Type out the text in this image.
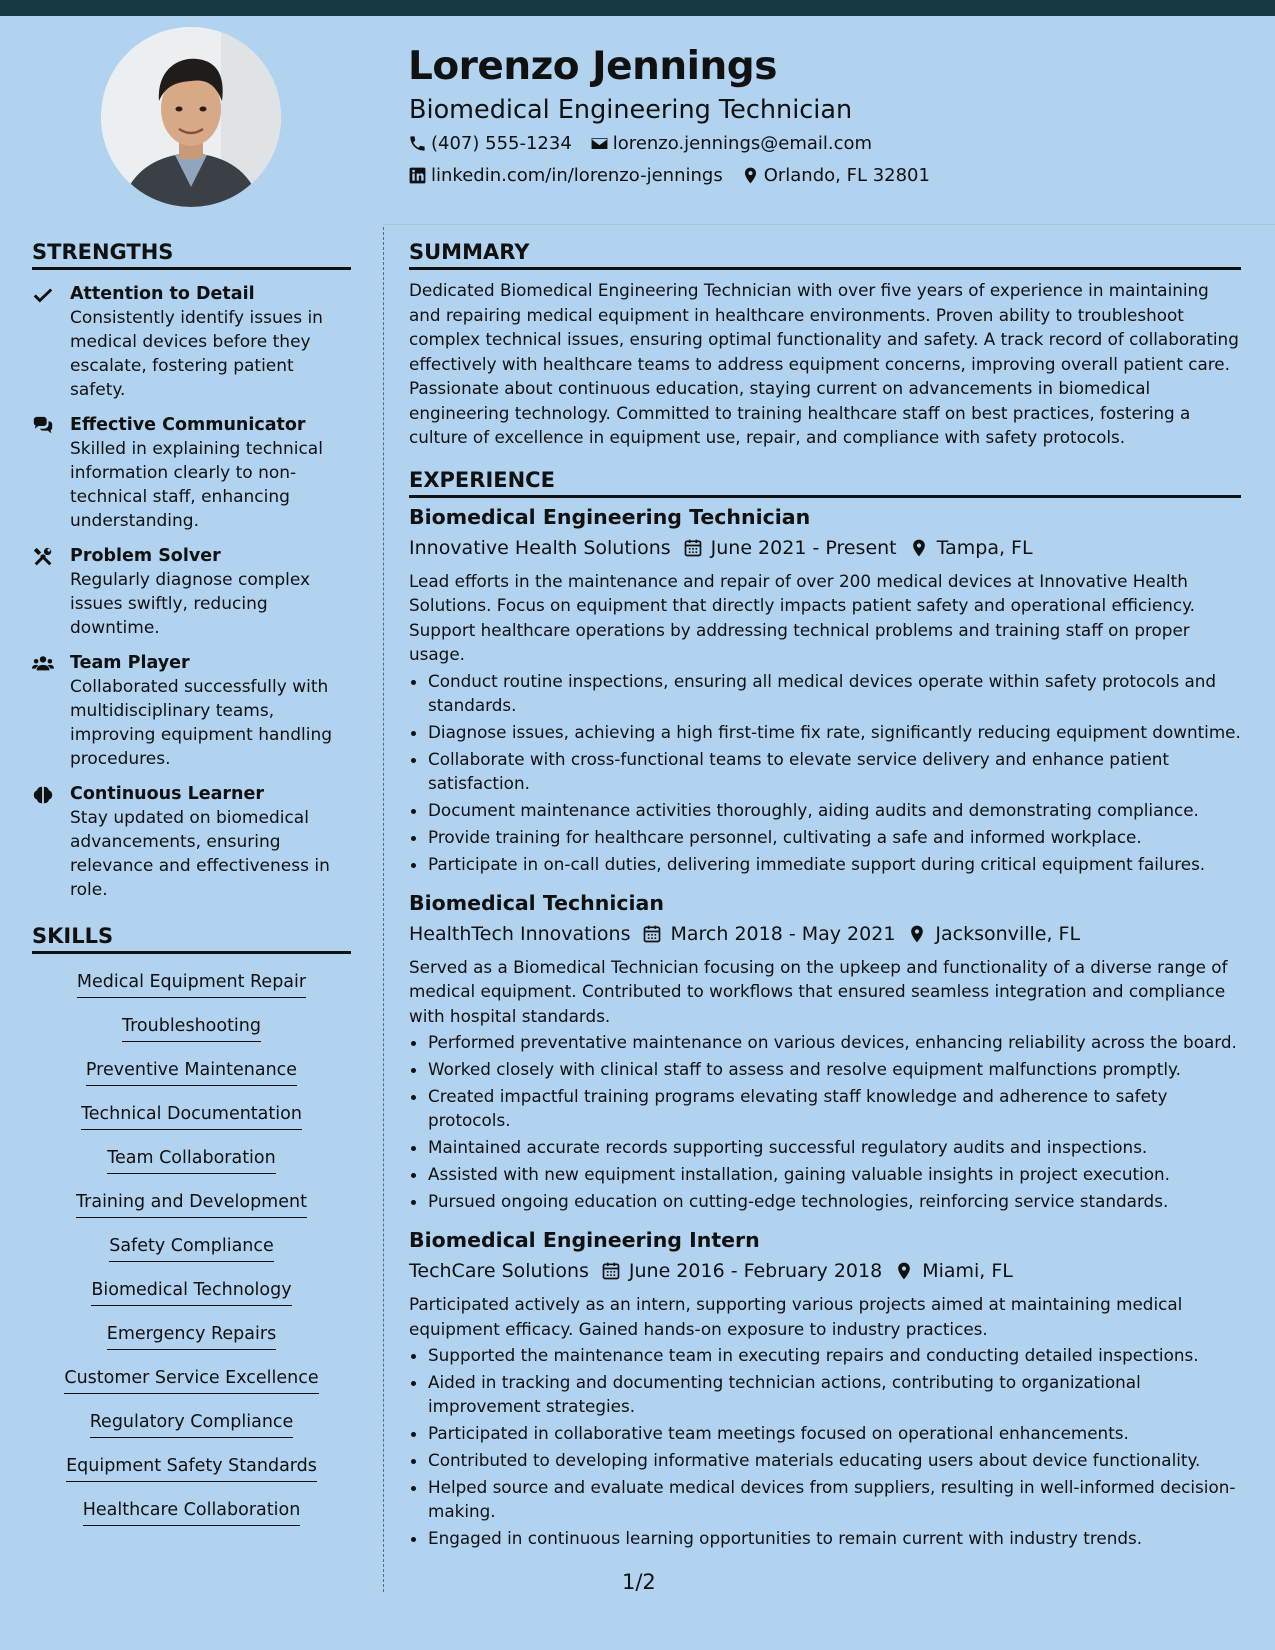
Lorenzo Jennings
Biomedical Engineering Technician
(407) 555-1234 lorenzo.jennings@email.com
linkedin.com/in/lorenzo-jennings Orlando, FL 32801
STRENGTHS
Attention to Detail
Consistently identify issues in medical devices before they escalate, fostering patient safety.
Effective Communicator
Skilled in explaining technical information clearly to non-technical staff, enhancing understanding.
Problem Solver
Regularly diagnose complex issues swiftly, reducing downtime.
Team Player
Collaborated successfully with multidisciplinary teams, improving equipment handling procedures.
Continuous Learner
Stay updated on biomedical advancements, ensuring relevance and effectiveness in role.
SKILLS
Medical Equipment Repair
Troubleshooting
Preventive Maintenance
Technical Documentation
Team Collaboration
Training and Development
Safety Compliance
Biomedical Technology
Emergency Repairs
Customer Service Excellence
Regulatory Compliance
Equipment Safety Standards
Healthcare Collaboration
SUMMARY

Dedicated Biomedical Engineering Technician with over five years of experience in maintaining and repairing medical equipment in healthcare environments. Proven ability to troubleshoot complex technical issues, ensuring optimal functionality and safety. A track record of collaborating effectively with healthcare teams to address equipment concerns, improving overall patient care. Passionate about continuous education, staying current on advancements in biomedical engineering technology. Committed to training healthcare staff on best practices, fostering a culture of excellence in equipment use, repair, and compliance with safety protocols.

EXPERIENCE
Biomedical Engineering Technician
Innovative Health Solutions June 2021 - Present Tampa, FL

Lead efforts in the maintenance and repair of over 200 medical devices at Innovative Health Solutions. Focus on equipment that directly impacts patient safety and operational efficiency. Support healthcare operations by addressing technical problems and training staff on proper usage.

• Conduct routine inspections, ensuring all medical devices operate within safety protocols and standards.
• Diagnose issues, achieving a high first-time fix rate, significantly reducing equipment downtime.
• Collaborate with cross-functional teams to elevate service delivery and enhance patient satisfaction.
• Document maintenance activities thoroughly, aiding audits and demonstrating compliance.
• Provide training for healthcare personnel, cultivating a safe and informed workplace.
• Participate in on-call duties, delivering immediate support during critical equipment failures.
Biomedical Technician
HealthTech Innovations March 2018 - May 2021 Jacksonville, FL

Served as a Biomedical Technician focusing on the upkeep and functionality of a diverse range of medical equipment. Contributed to workflows that ensured seamless integration and compliance with hospital standards.

• Performed preventative maintenance on various devices, enhancing reliability across the board.
• Worked closely with clinical staff to assess and resolve equipment malfunctions promptly.
• Created impactful training programs elevating staff knowledge and adherence to safety protocols.
• Maintained accurate records supporting successful regulatory audits and inspections.
• Assisted with new equipment installation, gaining valuable insights in project execution.
• Pursued ongoing education on cutting-edge technologies, reinforcing service standards.
Biomedical Engineering Intern
TechCare Solutions June 2016 - February 2018 Miami, FL

Participated actively as an intern, supporting various projects aimed at maintaining medical equipment efficacy. Gained hands-on exposure to industry practices.

• Supported the maintenance team in executing repairs and conducting detailed inspections.
• Aided in tracking and documenting technician actions, contributing to organizational improvement strategies.
• Participated in collaborative team meetings focused on operational enhancements.
• Contributed to developing informative materials educating users about device functionality.
• Helped source and evaluate medical devices from suppliers, resulting in well-informed decision-making.
• Engaged in continuous learning opportunities to remain current with industry trends.
1/2
